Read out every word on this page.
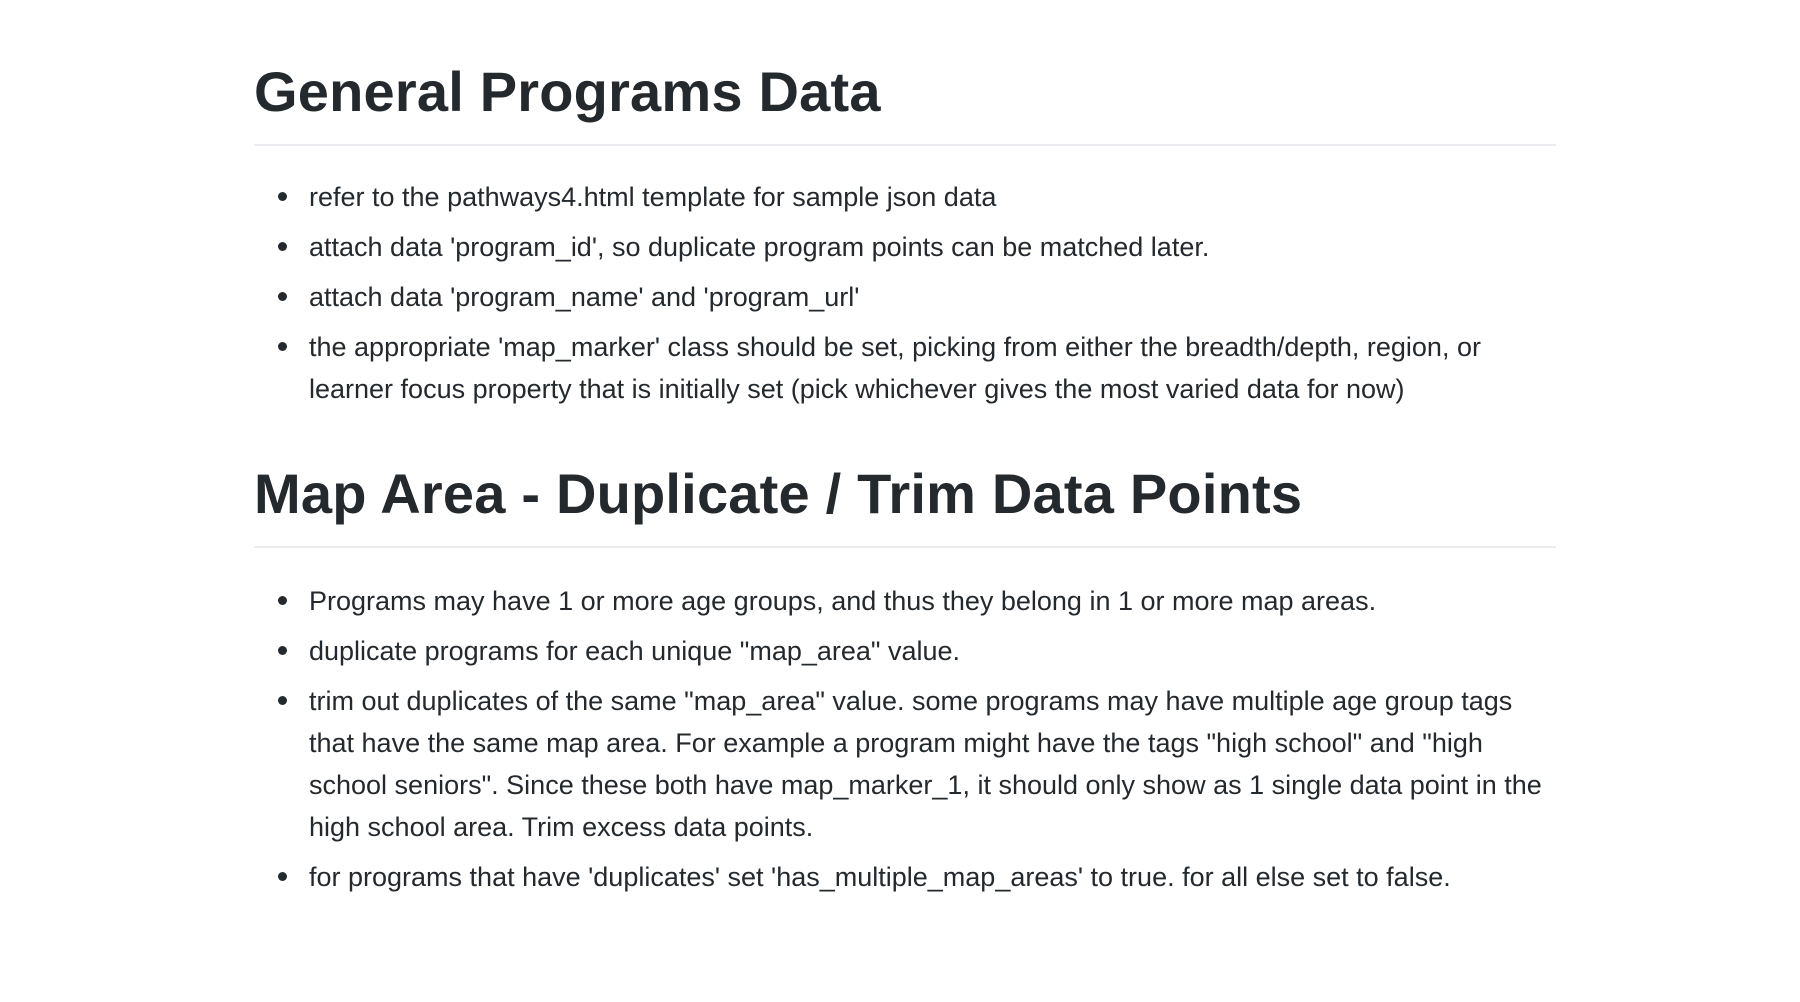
General Programs Data
refer to the pathways4.html template for sample json data
attach data 'program_id', so duplicate program points can be matched later.
attach data 'program_name' and 'program_url'
the appropriate 'map_marker' class should be set, picking from either the breadth/depth, region, or learner focus property that is initially set (pick whichever gives the most varied data for now)
Map Area - Duplicate / Trim Data Points
Programs may have 1 or more age groups, and thus they belong in 1 or more map areas.
duplicate programs for each unique "map_area" value.
trim out duplicates of the same "map_area" value. some programs may have multiple age group tags that have the same map area. For example a program might have the tags "high school" and "high school seniors". Since these both have map_marker_1, it should only show as 1 single data point in the high school area. Trim excess data points.
for programs that have 'duplicates' set 'has_multiple_map_areas' to true. for all else set to false.
